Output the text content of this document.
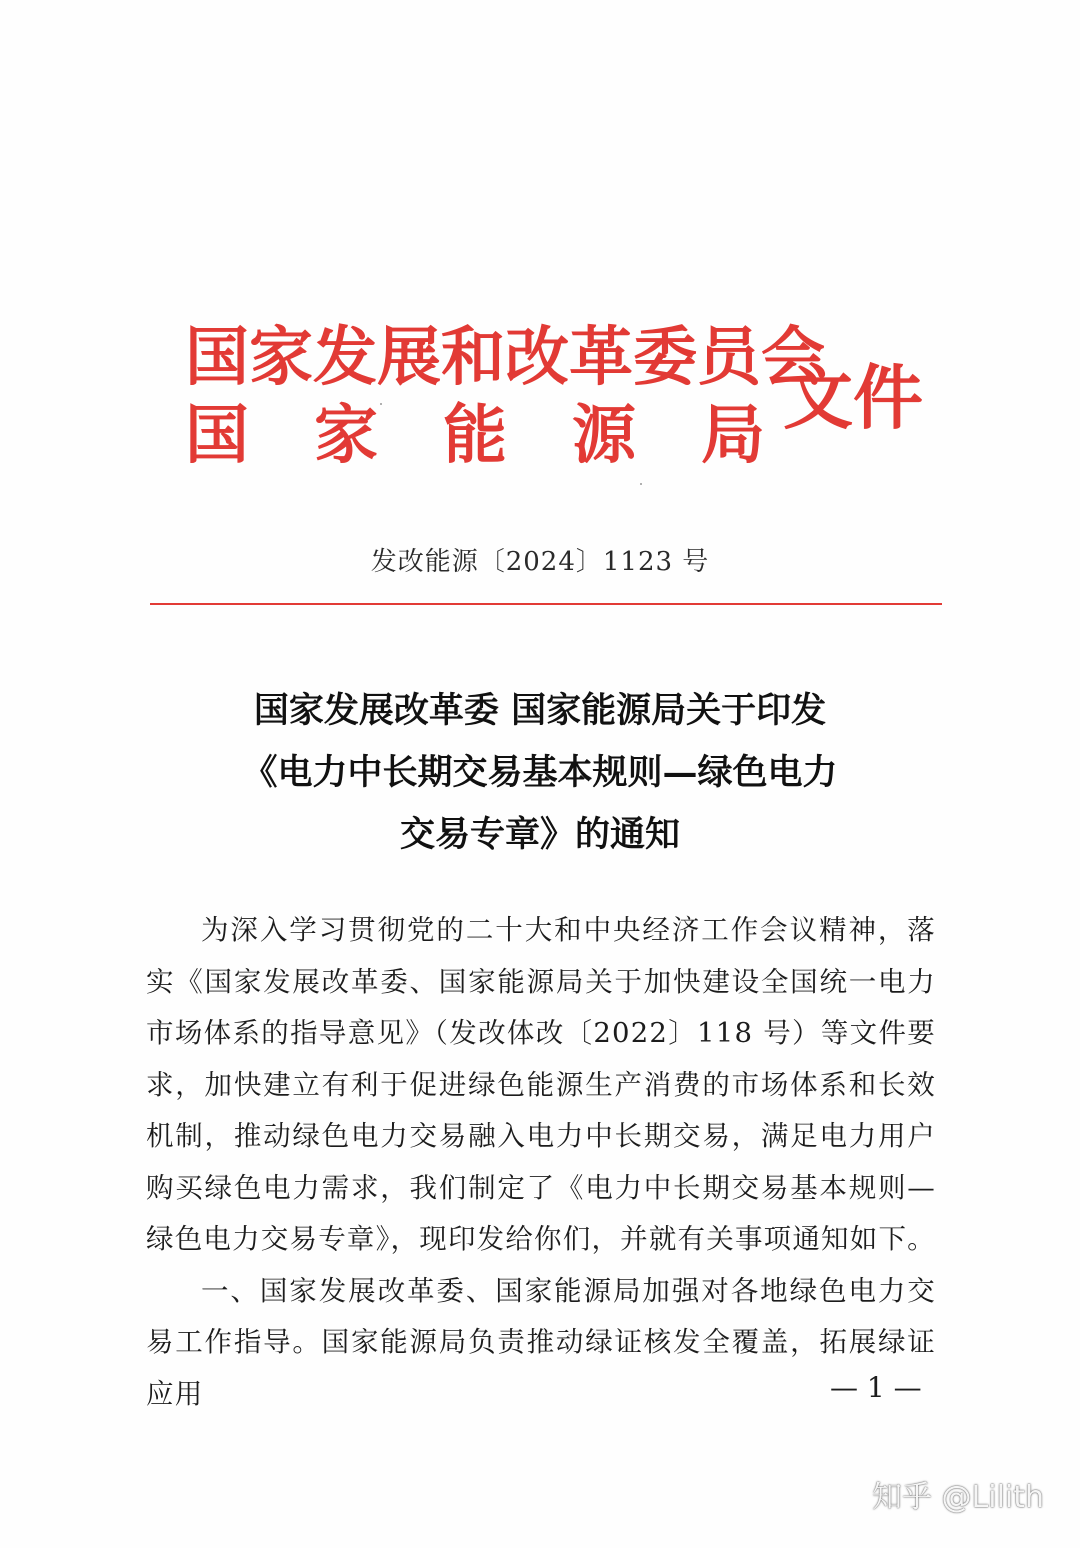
国家发展和改革委员会
国 家 能 源 局 文件
发改能源〔2024〕1123 号
国家发展改革委 国家能源局关于印发
《电力中长期交易基本规则—绿色电力
交易专章》的通知

为深入学习贯彻党的二十大和中央经济工作会议精神，落实《国家发展改革委、国家能源局关于加快建设全国统一电力市场体系的指导意见》（发改体改〔2022〕118 号）等文件要求，加快建立有利于促进绿色能源生产消费的市场体系和长效机制，推动绿色电力交易融入电力中长期交易，满足电力用户购买绿色电力需求，我们制定了《电力中长期交易基本规则—绿色电力交易专章》，现印发给你们，并就有关事项通知如下。

一、国家发展改革委、国家能源局加强对各地绿色电力交易工作指导。国家能源局负责推动绿证核发全覆盖，拓展绿证应用	— 1 —
知乎 @Lilith
